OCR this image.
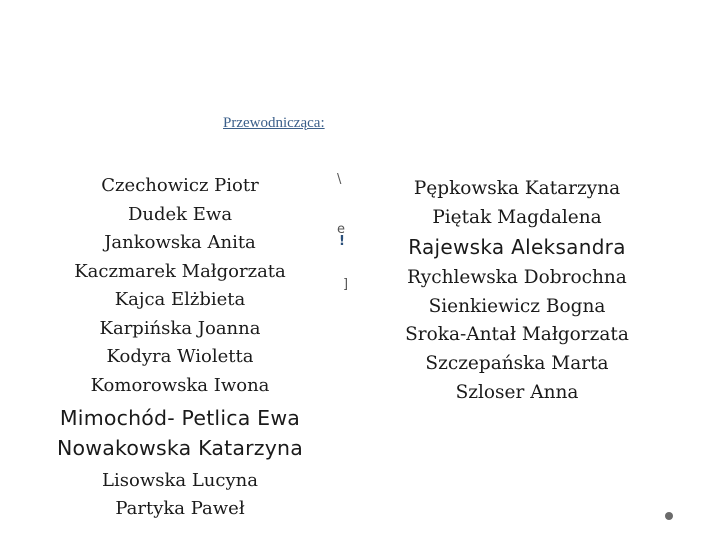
Przewodnicząca:
Czechowicz Piotr
Dudek Ewa
Jankowska Anita
Kaczmarek Małgorzata
Kajca Elżbieta
Karpińska Joanna
Kodyra Wioletta
Komorowska Iwona
Mimochód- Petlica Ewa
Nowakowska Katarzyna
Lisowska Lucyna
Partyka Paweł
\
e
!
]
Pępkowska Katarzyna
Piętak Magdalena
Rajewska Aleksandra
Rychlewska Dobrochna
Sienkiewicz Bogna
Sroka-Antał Małgorzata
Szczepańska Marta
Szloser Anna
